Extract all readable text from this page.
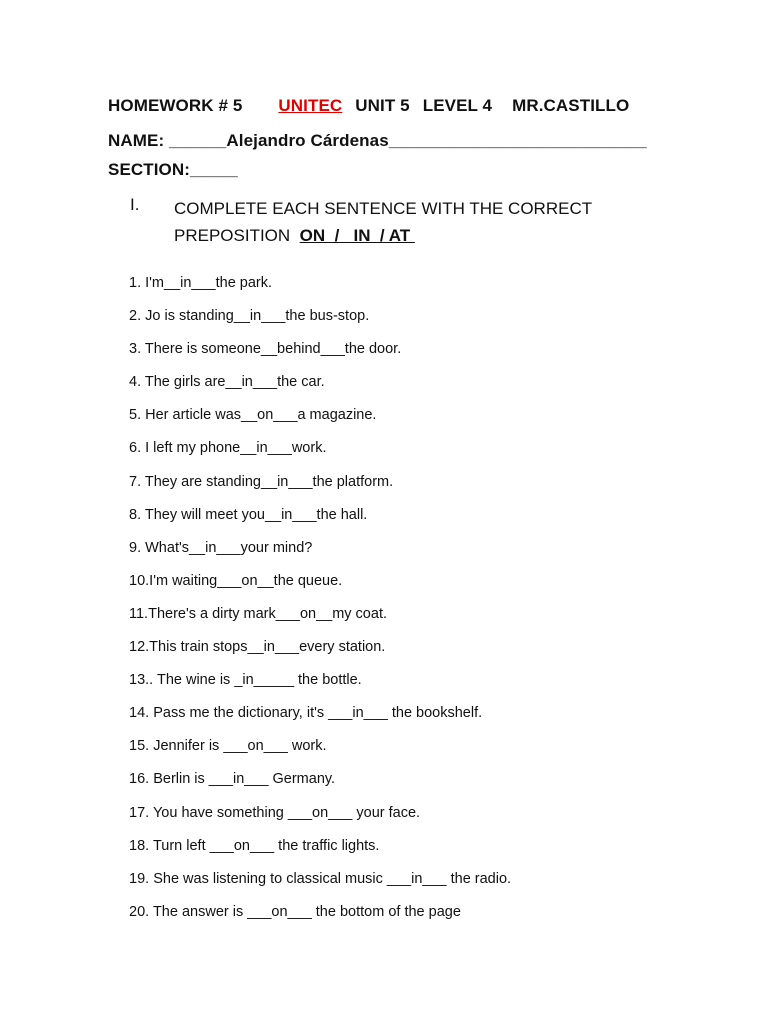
HOMEWORK # 5 UNITEC UNIT 5 LEVEL 4 MR.CASTILLO
NAME: ______Alejandro Cárdenas___________________________
SECTION:_____
I. COMPLETE EACH SENTENCE WITH THE CORRECT
PREPOSITION  ON  /   IN  / AT
1. I'm__in___the park.
2. Jo is standing__in___the bus-stop.
3. There is someone__behind___the door.
4. The girls are__in___the car.
5. Her article was__on___a magazine.
6. I left my phone__in___work.
7. They are standing__in___the platform.
8. They will meet you__in___the hall.
9. What's__in___your mind?
10.I'm waiting___on__the queue.
11.There's a dirty mark___on__my coat.
12.This train stops__in___every station.
13.. The wine is _in_____ the bottle.
14. Pass me the dictionary, it's ___in___ the bookshelf.
15. Jennifer is ___on___ work.
16. Berlin is ___in___ Germany.
17. You have something ___on___ your face.
18. Turn left ___on___ the traffic lights.
19. She was listening to classical music ___in___ the radio.
20. The answer is ___on___ the bottom of the page
